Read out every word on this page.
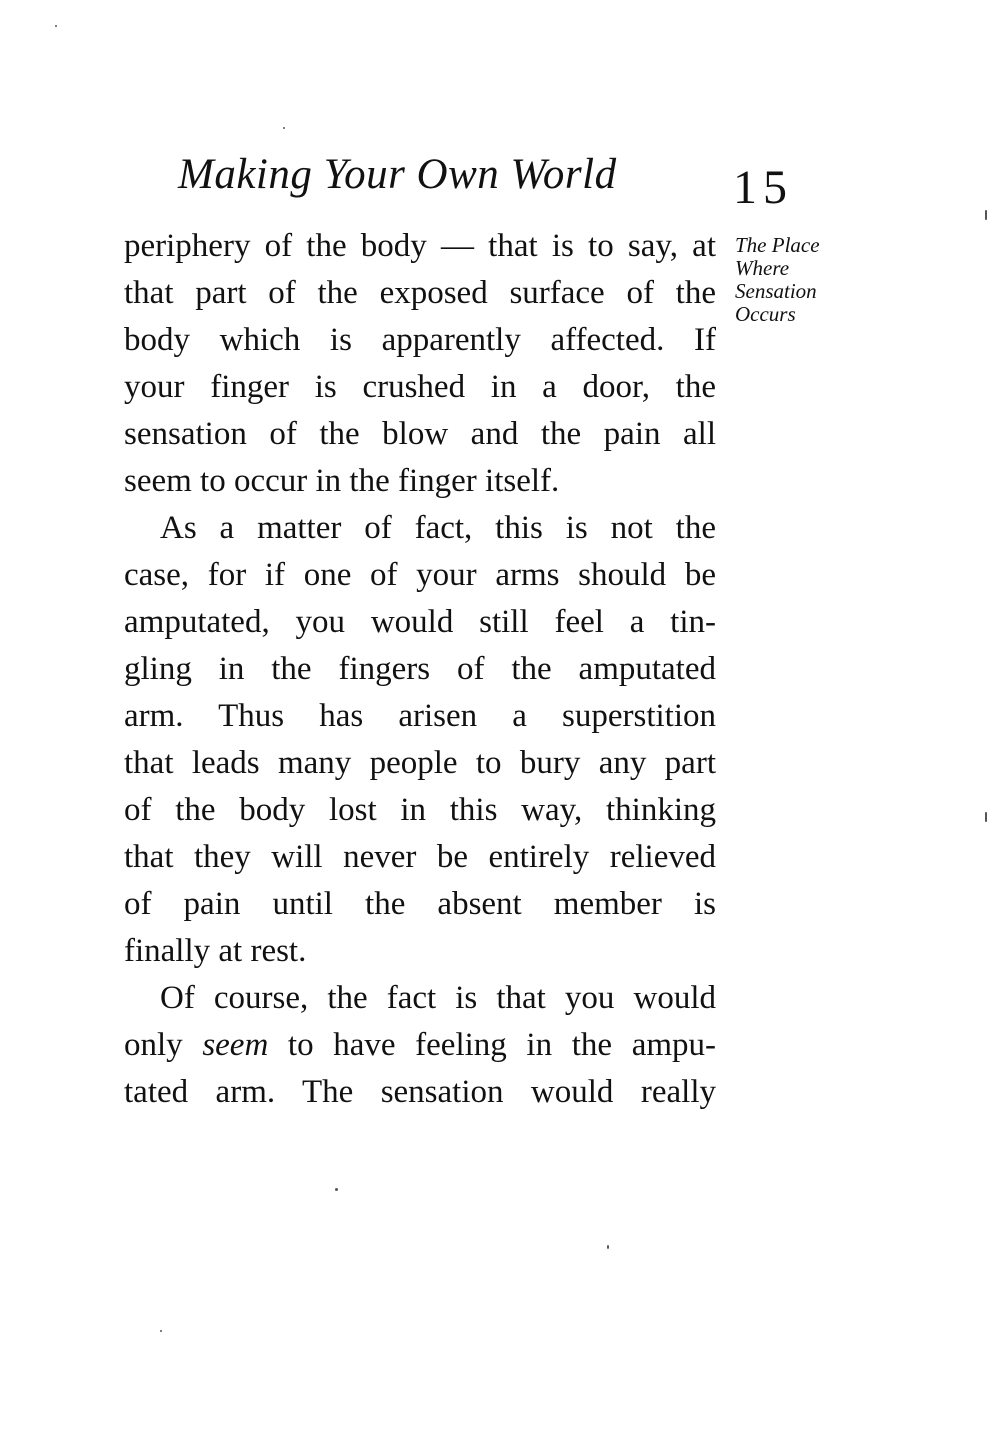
Making Your Own World 15
The Place
Where
Sensation
Occurs
periphery of the body — that is to say, at
that part of the exposed surface of the
body which is apparently affected. If
your finger is crushed in a door, the
sensation of the blow and the pain all
seem to occur in the finger itself.
As a matter of fact, this is not the
case, for if one of your arms should be
amputated, you would still feel a tin-
gling in the fingers of the amputated
arm. Thus has arisen a superstition
that leads many people to bury any part
of the body lost in this way, thinking
that they will never be entirely relieved
of pain until the absent member is
finally at rest.
Of course, the fact is that you would
only seem to have feeling in the ampu-
tated arm. The sensation would really
